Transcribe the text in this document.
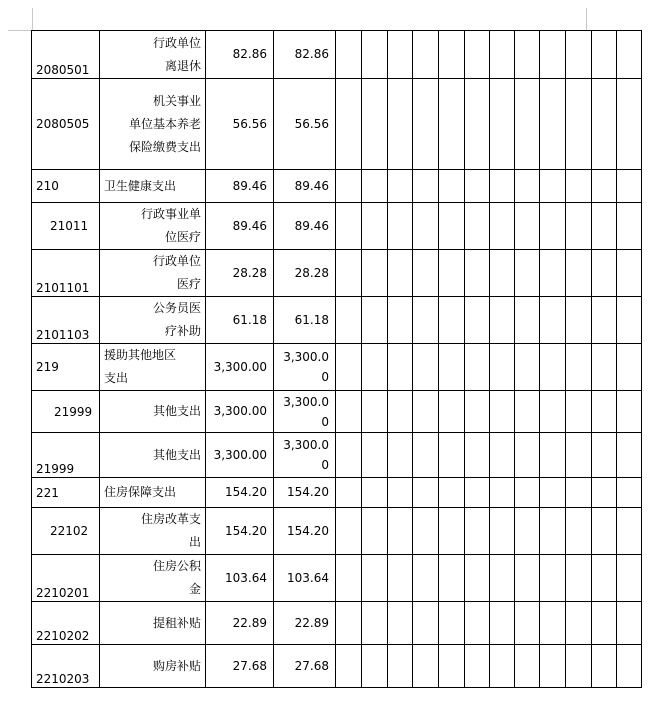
2080501	行政单位
离退休	82.86	82.86												

2080505	机关事业
单位基本养老
保险缴费支出	56.56	56.56												

210	卫生健康支出	89.46	89.46												

21011	行政事业单
位医疗	89.46	89.46												

2101101	行政单位
医疗	28.28	28.28												

2101103	公务员医
疗补助	61.18	61.18												

219	援助其他地区
支出	3,300.00	3,300.0
0												

21999	其他支出	3,300.00	3,300.0
0												

21999	其他支出	3,300.00	3,300.0
0												

221	住房保障支出	154.20	154.20												

22102	住房改革支
出	154.20	154.20												

2210201	住房公积
金	103.64	103.64												

2210202	提租补贴	22.89	22.89												

2210203	购房补贴	27.68	27.68												
